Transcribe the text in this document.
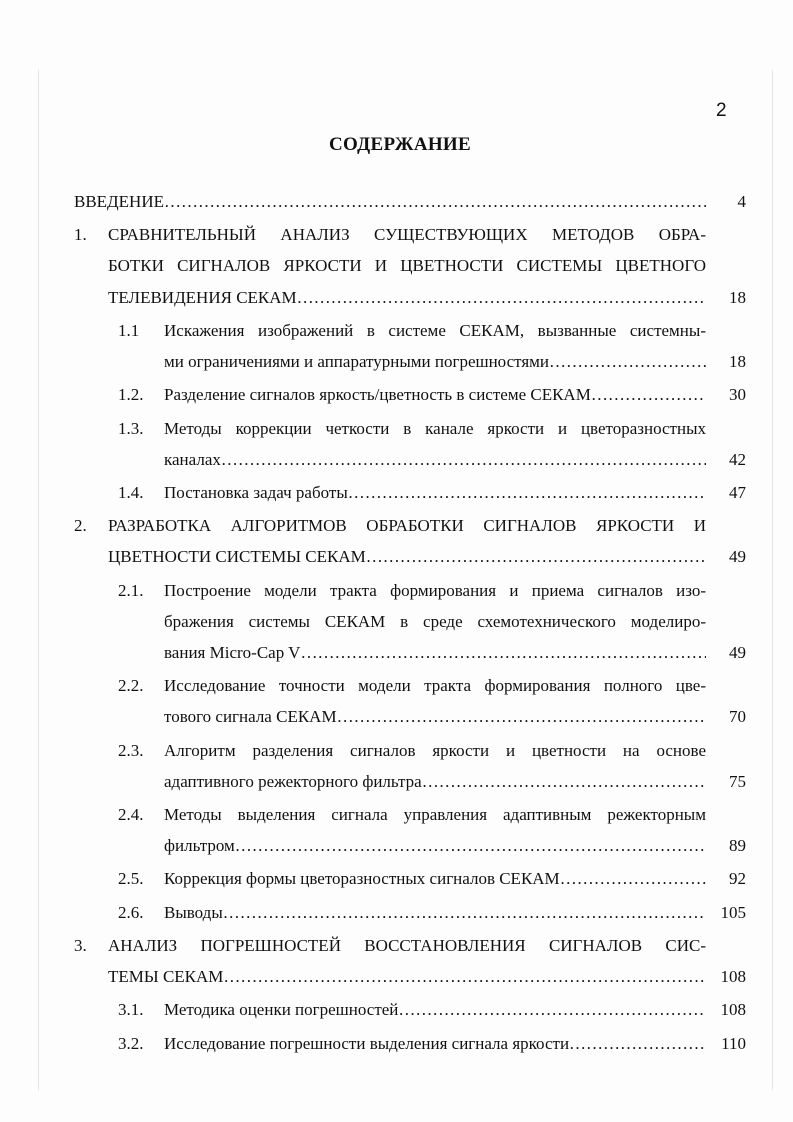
2
СОДЕРЖАНИЕ
ВВЕДЕНИЕ …………………………………………………………………………………………………………………………………………………………………………………	4
1.	СРАВНИТЕЛЬНЫЙ АНАЛИЗ СУЩЕСТВУЮЩИХ МЕТОДОВ ОБРА-
БОТКИ СИГНАЛОВ ЯРКОСТИ И ЦВЕТНОСТИ СИСТЕМЫ ЦВЕТНОГО
ТЕЛЕВИДЕНИЯ СЕКАМ …………………………………………………………………………………………………………………………………………………………………………………	18
1.1	Искажения изображений в системе СЕКАМ, вызванные системны-
ми ограничениями и аппаратурными погрешностями …………………………………………………………………………………………………………………………………………………………………………………	18
1.2.	Разделение сигналов яркость/цветность в системе СЕКАМ …………………………………………………………………………………………………………………………………………………………………………………	30
1.3.	Методы коррекции четкости в канале яркости и цветоразностных
каналах …………………………………………………………………………………………………………………………………………………………………………………	42
1.4.	Постановка задач работы …………………………………………………………………………………………………………………………………………………………………………………	47
2.	РАЗРАБОТКА АЛГОРИТМОВ ОБРАБОТКИ СИГНАЛОВ ЯРКОСТИ И
ЦВЕТНОСТИ СИСТЕМЫ СЕКАМ …………………………………………………………………………………………………………………………………………………………………………………	49
2.1.	Построение модели тракта формирования и приема сигналов изо-
бражения системы СЕКАМ в среде схемотехнического моделиро-
вания Micro-Cap V …………………………………………………………………………………………………………………………………………………………………………………	49
2.2.	Исследование точности модели тракта формирования полного цве-
тового сигнала СЕКАМ …………………………………………………………………………………………………………………………………………………………………………………	70
2.3.	Алгоритм разделения сигналов яркости и цветности на основе
адаптивного режекторного фильтра …………………………………………………………………………………………………………………………………………………………………………………	75
2.4.	Методы выделения сигнала управления адаптивным режекторным
фильтром …………………………………………………………………………………………………………………………………………………………………………………	89
2.5.	Коррекция формы цветоразностных сигналов СЕКАМ …………………………………………………………………………………………………………………………………………………………………………………	92
2.6.	Выводы …………………………………………………………………………………………………………………………………………………………………………………	105
3.	АНАЛИЗ ПОГРЕШНОСТЕЙ ВОССТАНОВЛЕНИЯ СИГНАЛОВ СИС-
ТЕМЫ СЕКАМ …………………………………………………………………………………………………………………………………………………………………………………	108
3.1.	Методика оценки погрешностей …………………………………………………………………………………………………………………………………………………………………………………	108
3.2.	Исследование погрешности выделения сигнала яркости …………………………………………………………………………………………………………………………………………………………………………………	110
